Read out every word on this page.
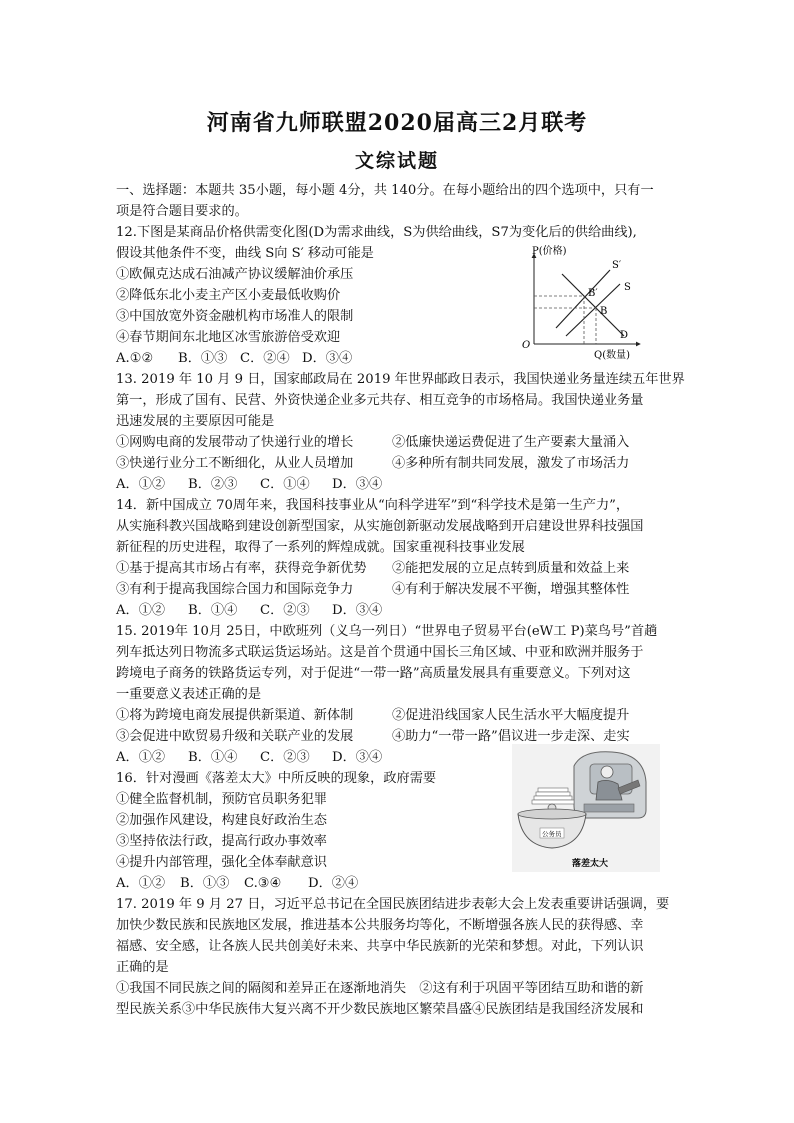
河南省九师联盟2020届高三2月联考
文综试题
一、选择题：本题共 35小题，每小题 4分，共 140分。在每小题给出的四个选项中，只有一
项是符合题目要求的。
12.下图是某商品价格供需变化图(D为需求曲线，S为供给曲线，S7为变化后的供给曲线),
假设其他条件不变，曲线 S向 S′ 移动可能是
①欧佩克达成石油减产协议缓解油价承压
②降低东北小麦主产区小麦最低收购价
③中国放宽外资金融机构市场准人的限制
④春节期间东北地区冰雪旅游倍受欢迎
A.①② B．①③ C．②④ D．③④
P(价格)
Q(数量)
O
S′
S
D
B′
B
13. 2019 年 10 月 9 日，国家邮政局在 2019 年世界邮政日表示，我国快递业务量连续五年世界
第一，形成了国有、民营、外资快递企业多元共存、相互竞争的市场格局。我国快递业务量
迅速发展的主要原因可能是
①网购电商的发展带动了快递行业的增长	②低廉快递运费促进了生产要素大量涌入
③快递行业分工不断细化，从业人员增加	④多种所有制共同发展，激发了市场活力
A．①② B．②③ C．①④ D．③④
14．新中国成立 70周年来，我国科技事业从“向科学进军”到“科学技术是第一生产力”，
从实施科教兴国战略到建设创新型国家，从实施创新驱动发展战略到开启建设世界科技强国
新征程的历史进程，取得了一系列的辉煌成就。国家重视科技事业发展
①基于提高其市场占有率，获得竞争新优势 ②能把发展的立足点转到质量和效益上来
③有利于提高我国综合国力和国际竞争力	④有利于解决发展不平衡，增强其整体性
A．①② B．①④ C．②③ D．③④
15. 2019年 10月 25日，中欧班列（义乌一列日）“世界电子贸易平台(eW工 P)菜鸟号”首趟
列车抵达列日物流多式联运货运场站。这是首个贯通中国长三角区域、中亚和欧洲并服务于
跨境电子商务的铁路货运专列，对于促进“一带一路”高质量发展具有重要意义。下列对这
一重要意义表述正确的是
①将为跨境电商发展提供新渠道、新体制	②促进沿线国家人民生活水平大幅度提升
③会促进中欧贸易升级和关联产业的发展	④助力“一带一路”倡议进一步走深、走实
A．①② B．①④ C．②③ D．③④
16．针对漫画《落差太大》中所反映的现象，政府需要
①健全监督机制，预防官员职务犯罪
②加强作风建设，构建良好政治生态
③坚持依法行政，提高行政办事效率
④提升内部管理，强化全体奉献意识
A．①② B．①③ C.③④ D．②④
公务员
落差太大
17. 2019 年 9 月 27 日，习近平总书记在全国民族团结进步表彰大会上发表重要讲话强调，要
加快少数民族和民族地区发展，推进基本公共服务均等化，不断增强各族人民的获得感、幸
福感、安全感，让各族人民共创美好未来、共享中华民族新的光荣和梦想。对此，下列认识
正确的是
①我国不同民族之间的隔阂和差异正在逐渐地消失　②这有利于巩固平等团结互助和谐的新
型民族关系③中华民族伟大复兴离不开少数民族地区繁荣昌盛④民族团结是我国经济发展和
